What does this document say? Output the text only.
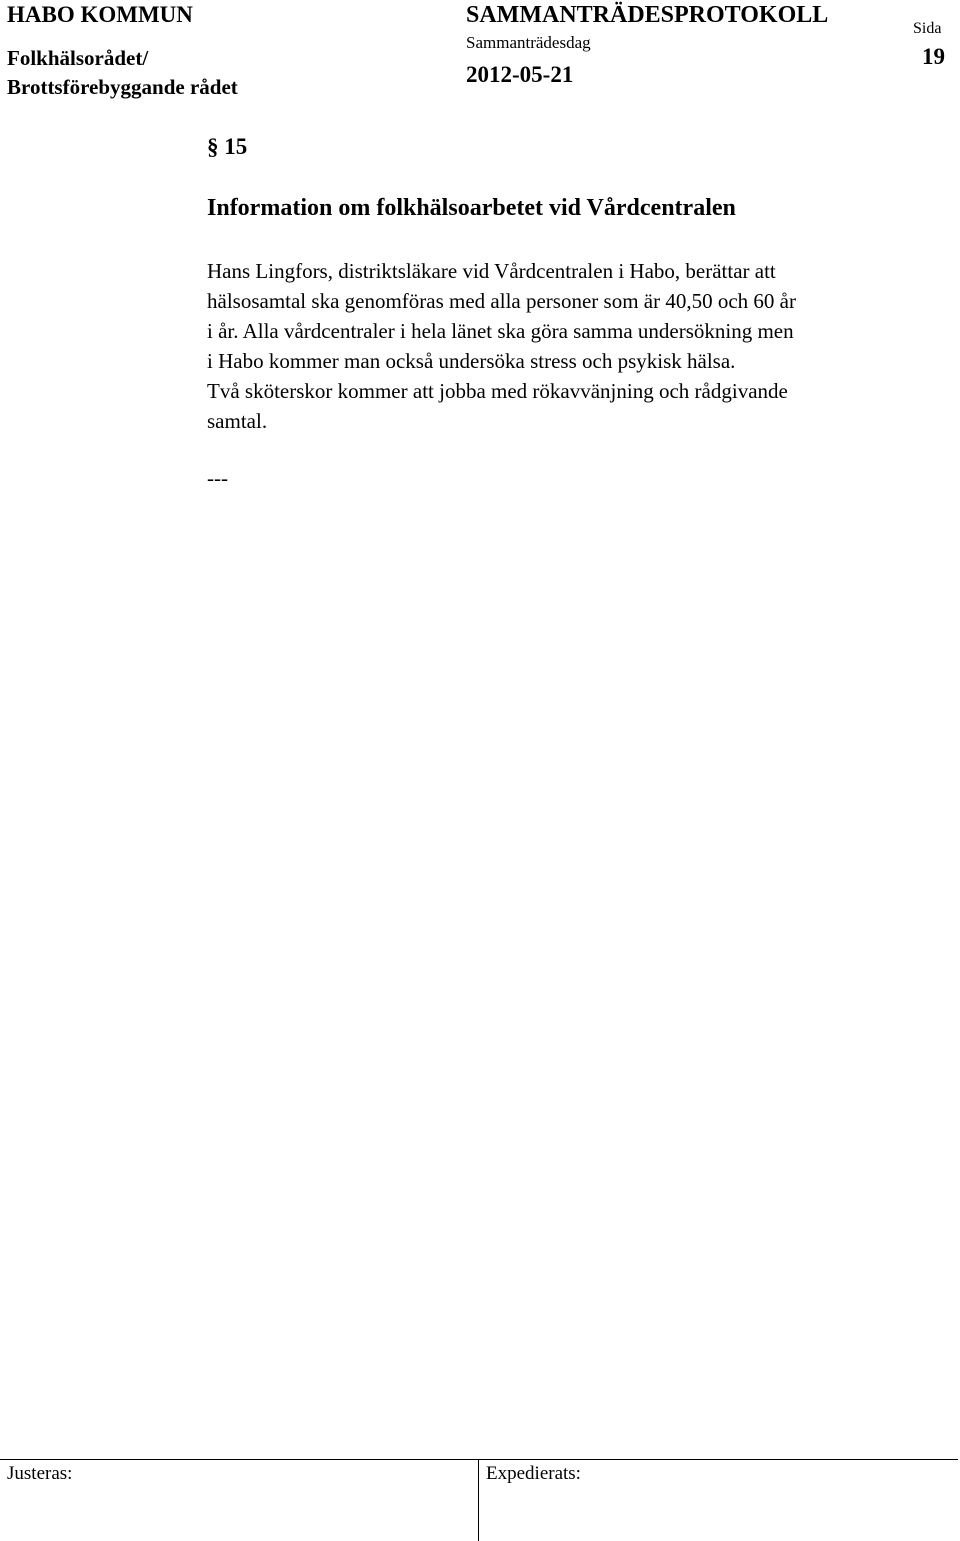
HABO KOMMUN
Folkhälsorådet/
Brottsförebyggande rådet
SAMMANTRÄDESPROTOKOLL
Sammanträdesdag
2012-05-21
Sida
19
§ 15
Information om folkhälsoarbetet vid Vårdcentralen
Hans Lingfors, distriktsläkare vid Vårdcentralen i Habo, berättar att
hälsosamtal ska genomföras med alla personer som är 40,50 och 60 år
i år. Alla vårdcentraler i hela länet ska göra samma undersökning men
i Habo kommer man också undersöka stress och psykisk hälsa.
Två sköterskor kommer att jobba med rökavvänjning och rådgivande
samtal.
---
Justeras:	Expedierats:
